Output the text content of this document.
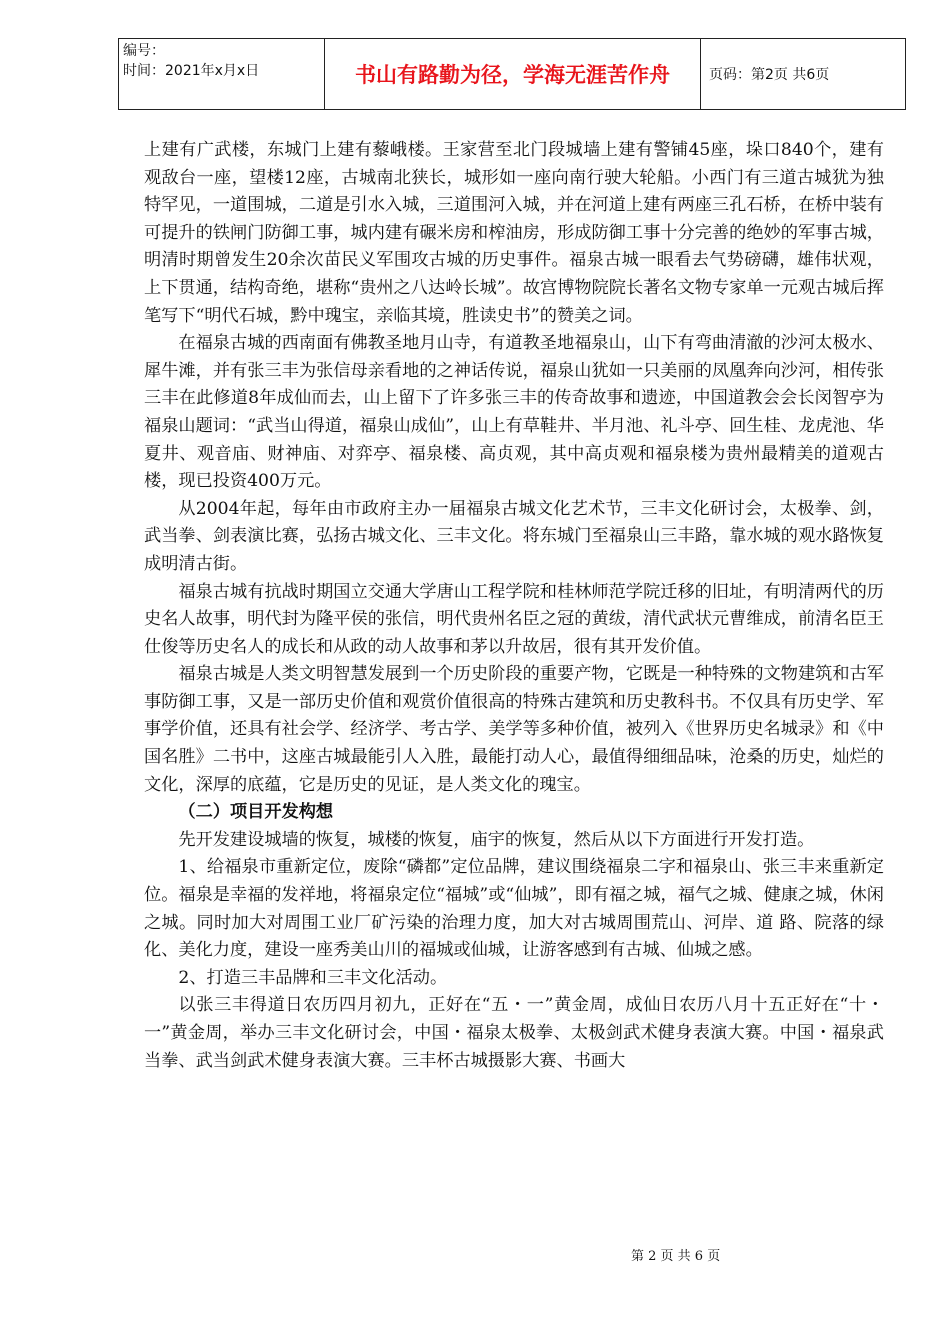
编号：
时间：2021年x月x日	书山有路勤为径，学海无涯苦作舟	页码：第2页 共6页

上建有广武楼，东城门上建有藜峨楼。王家营至北门段城墙上建有警铺45座，垛口840个，建有观敌台一座，望楼12座，古城南北狭长，城形如一座向南行驶大轮船。小西门有三道古城犹为独特罕见，一道围城，二道是引水入城，三道围河入城，并在河道上建有两座三孔石桥，在桥中装有可提升的铁闸门防御工事，城内建有碾米房和榨油房，形成防御工事十分完善的绝妙的军事古城，明清时期曾发生20余次苗民义军围攻古城的历史事件。福泉古城一眼看去气势磅礴，雄伟状观，上下贯通，结构奇绝，堪称“贵州之八达岭长城”。故宫博物院院长著名文物专家单一元观古城后挥笔写下“明代石城，黔中瑰宝，亲临其境，胜读史书”的赞美之词。

在福泉古城的西南面有佛教圣地月山寺，有道教圣地福泉山，山下有弯曲清澈的沙河太极水、犀牛滩，并有张三丰为张信母亲看地的之神话传说，福泉山犹如一只美丽的凤凰奔向沙河，相传张三丰在此修道8年成仙而去，山上留下了许多张三丰的传奇故事和遗迹，中国道教会会长闵智亭为福泉山题词：“武当山得道，福泉山成仙”，山上有草鞋井、半月池、礼斗亭、回生桂、龙虎池、华夏井、观音庙、财神庙、对弈亭、福泉楼、高贞观，其中高贞观和福泉楼为贵州最精美的道观古楼，现已投资400万元。

从2004年起，每年由市政府主办一届福泉古城文化艺术节，三丰文化研讨会，太极拳、剑，武当拳、剑表演比赛，弘扬古城文化、三丰文化。将东城门至福泉山三丰路，靠水城的观水路恢复成明清古街。

福泉古城有抗战时期国立交通大学唐山工程学院和桂林师范学院迁移的旧址，有明清两代的历史名人故事，明代封为隆平侯的张信，明代贵州名臣之冠的黄绂，清代武状元曹维成，前清名臣王仕俊等历史名人的成长和从政的动人故事和茅以升故居，很有其开发价值。

福泉古城是人类文明智慧发展到一个历史阶段的重要产物，它既是一种特殊的文物建筑和古军事防御工事，又是一部历史价值和观赏价值很高的特殊古建筑和历史教科书。不仅具有历史学、军事学价值，还具有社会学、经济学、考古学、美学等多种价值，被列入《世界历史名城录》和《中国名胜》二书中，这座古城最能引人入胜，最能打动人心，最值得细细品味，沧桑的历史，灿烂的文化，深厚的底蕴，它是历史的见证，是人类文化的瑰宝。

（二）项目开发构想

先开发建设城墙的恢复，城楼的恢复，庙宇的恢复，然后从以下方面进行开发打造。

1、给福泉市重新定位，废除“磷都”定位品牌，建议围绕福泉二字和福泉山、张三丰来重新定位。福泉是幸福的发祥地，将福泉定位“福城”或“仙城”，即有福之城，福气之城、健康之城，休闲之城。同时加大对周围工业厂矿污染的治理力度，加大对古城周围荒山、河岸、道 路、院落的绿化、美化力度，建设一座秀美山川的福城或仙城，让游客感到有古城、仙城之感。

2、打造三丰品牌和三丰文化活动。

以张三丰得道日农历四月初九，正好在“五・一”黄金周，成仙日农历八月十五正好在“十・一”黄金周，举办三丰文化研讨会，中国・福泉太极拳、太极剑武术健身表演大赛。中国・福泉武当拳、武当剑武术健身表演大赛。三丰杯古城摄影大赛、书画大

第 2 页 共 6 页
